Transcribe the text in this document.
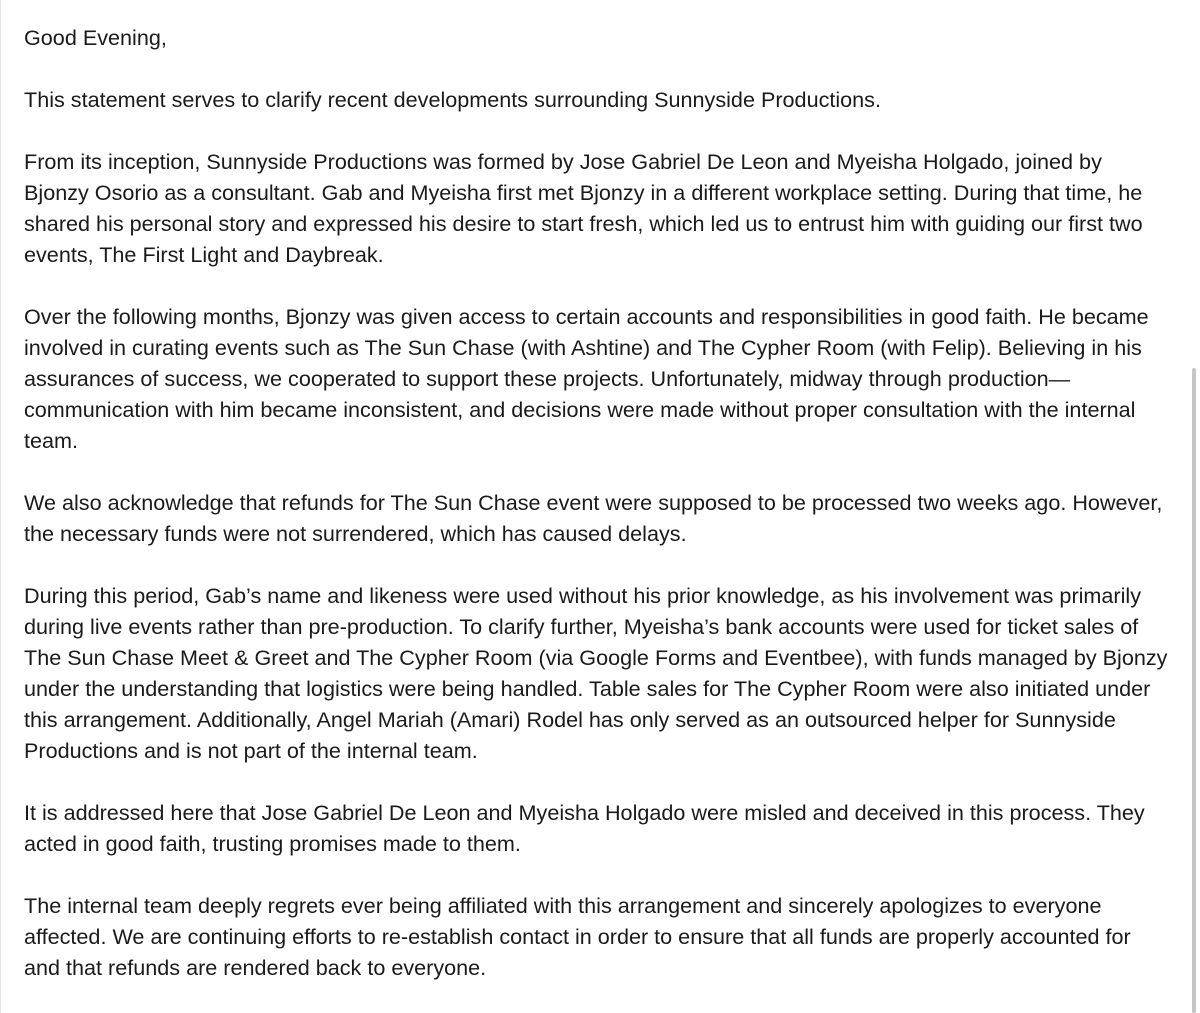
Good Evening,

This statement serves to clarify recent developments surrounding Sunnyside Productions.

From its inception, Sunnyside Productions was formed by Jose Gabriel De Leon and Myeisha Holgado, joined by Bjonzy Osorio as a consultant. Gab and Myeisha first met Bjonzy in a different workplace setting. During that time, he shared his personal story and expressed his desire to start fresh, which led us to entrust him with guiding our first two events, The First Light and Daybreak.

Over the following months, Bjonzy was given access to certain accounts and responsibilities in good faith. He became involved in curating events such as The Sun Chase (with Ashtine) and The Cypher Room (with Felip). Believing in his assurances of success, we cooperated to support these projects. Unfortunately, midway through production—communication with him became inconsistent, and decisions were made without proper consultation with the internal team.

We also acknowledge that refunds for The Sun Chase event were supposed to be processed two weeks ago. However, the necessary funds were not surrendered, which has caused delays.

During this period, Gab’s name and likeness were used without his prior knowledge, as his involvement was primarily during live events rather than pre-production. To clarify further, Myeisha’s bank accounts were used for ticket sales of The Sun Chase Meet & Greet and The Cypher Room (via Google Forms and Eventbee), with funds managed by Bjonzy under the understanding that logistics were being handled. Table sales for The Cypher Room were also initiated under this arrangement. Additionally, Angel Mariah (Amari) Rodel has only served as an outsourced helper for Sunnyside Productions and is not part of the internal team.

It is addressed here that Jose Gabriel De Leon and Myeisha Holgado were misled and deceived in this process. They acted in good faith, trusting promises made to them.

The internal team deeply regrets ever being affiliated with this arrangement and sincerely apologizes to everyone affected. We are continuing efforts to re-establish contact in order to ensure that all funds are properly accounted for and that refunds are rendered back to everyone.
